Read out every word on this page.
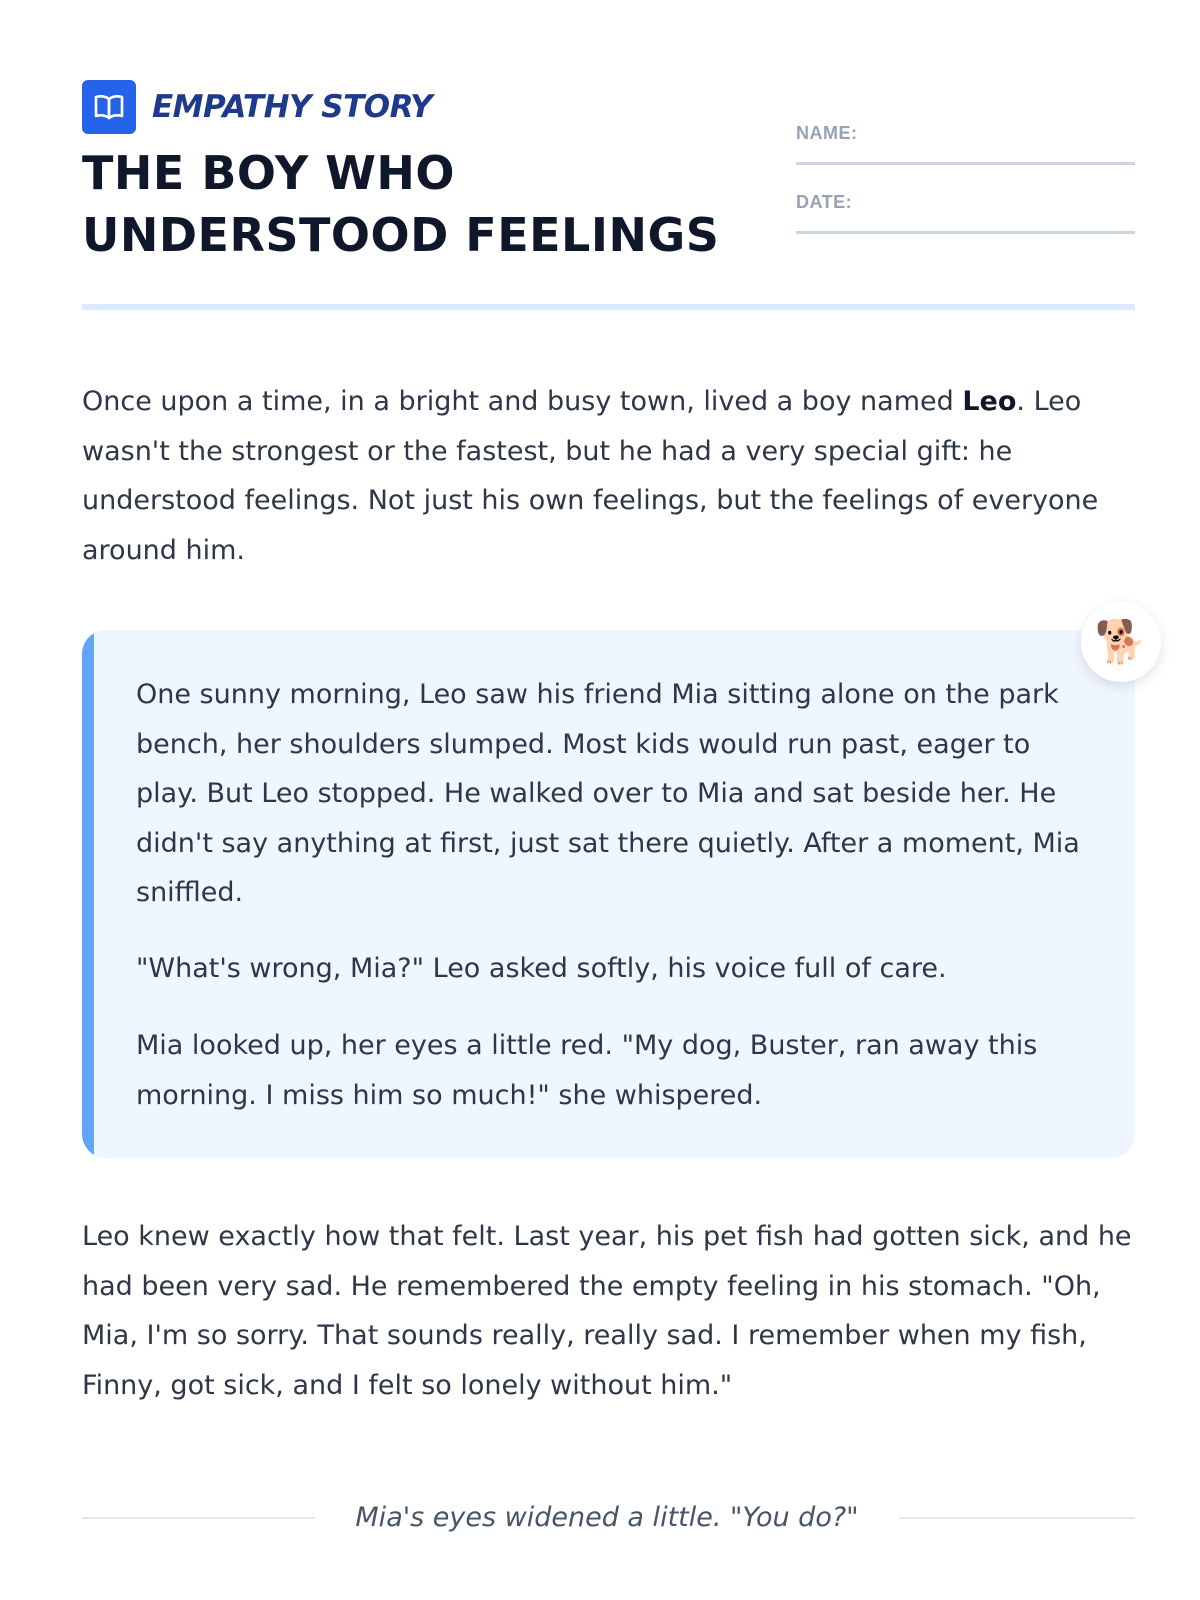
EMPATHY STORY
THE BOY WHO
UNDERSTOOD FEELINGS
NAME:
DATE:

Once upon a time, in a bright and busy town, lived a boy named Leo. Leo wasn't the strongest or the fastest, but he had a very special gift: he understood feelings. Not just his own feelings, but the feelings of everyone around him.

One sunny morning, Leo saw his friend Mia sitting alone on the park bench, her shoulders slumped. Most kids would run past, eager to play. But Leo stopped. He walked over to Mia and sat beside her. He didn't say anything at first, just sat there quietly. After a moment, Mia sniffled.

"What's wrong, Mia?" Leo asked softly, his voice full of care.

Mia looked up, her eyes a little red. "My dog, Buster, ran away this morning. I miss him so much!" she whispered.

🐕

Leo knew exactly how that felt. Last year, his pet fish had gotten sick, and he had been very sad. He remembered the empty feeling in his stomach. "Oh, Mia, I'm so sorry. That sounds really, really sad. I remember when my fish, Finny, got sick, and I felt so lonely without him."

Mia's eyes widened a little. "You do?"
